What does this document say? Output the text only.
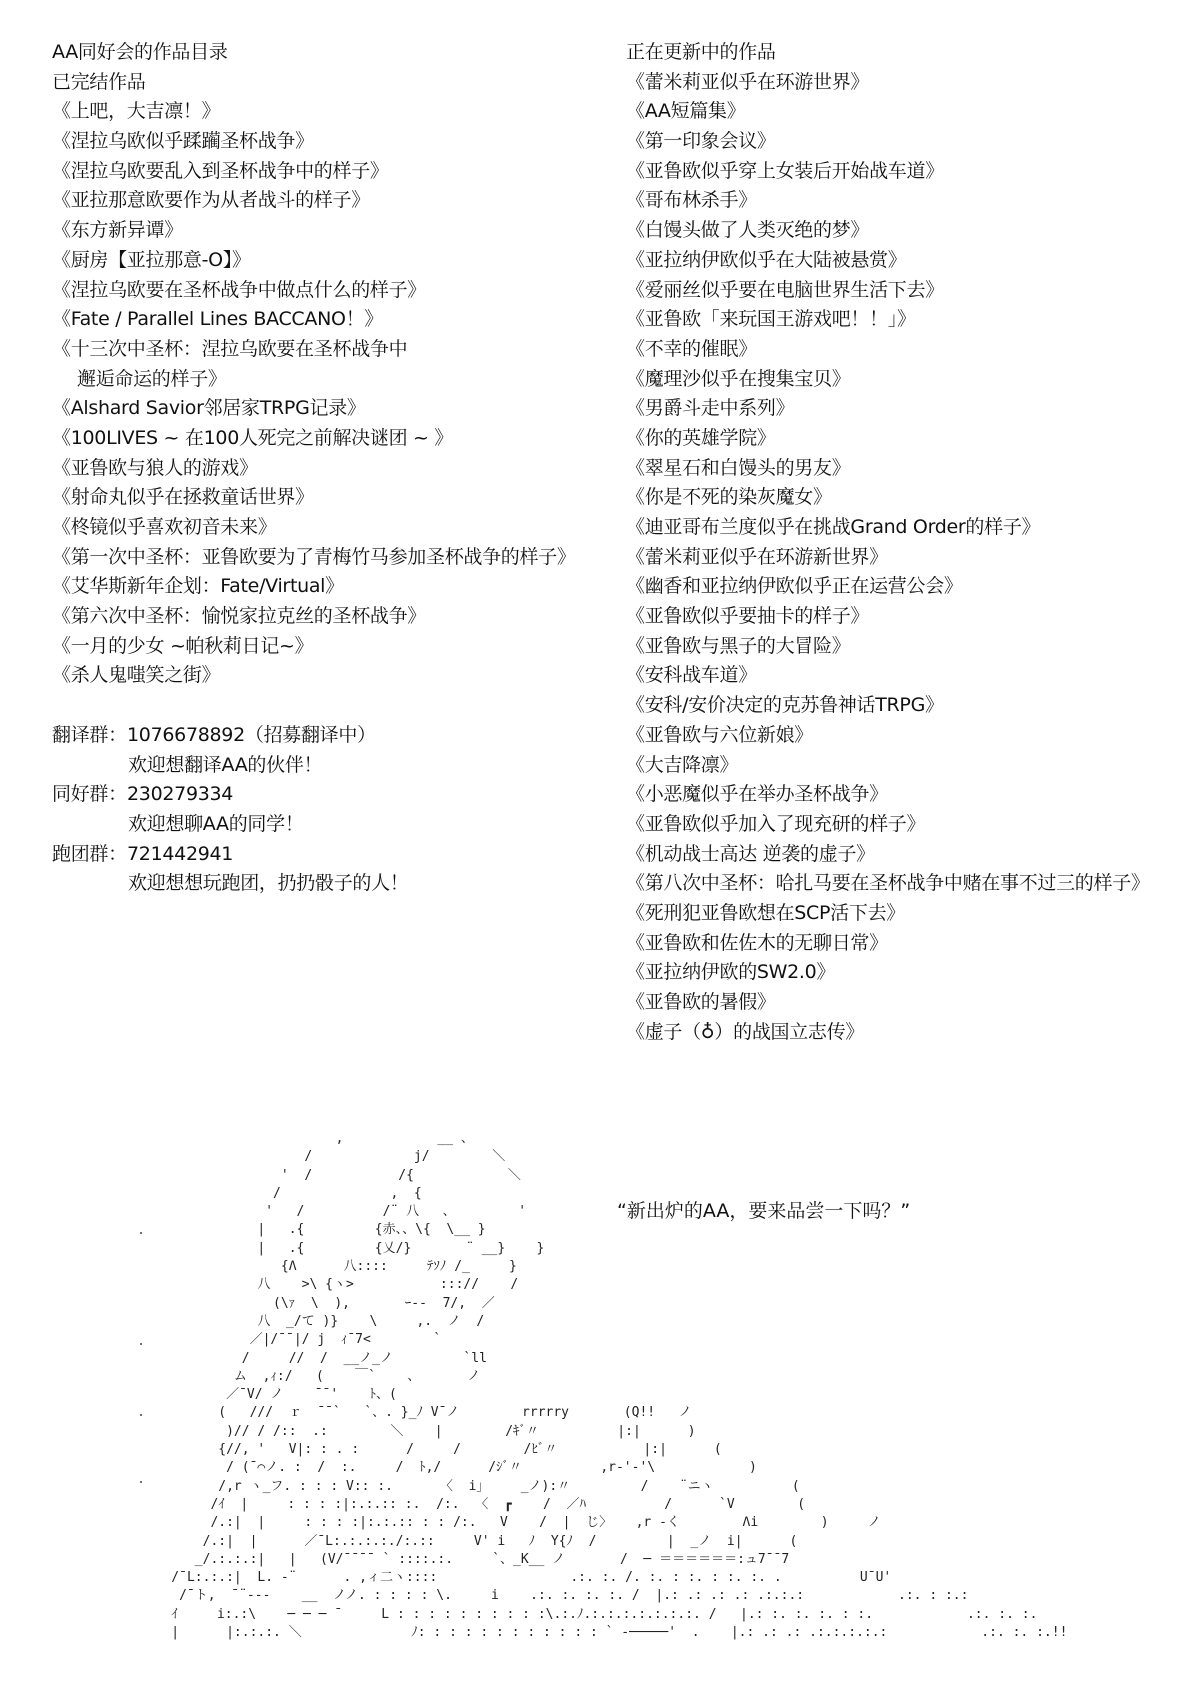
AA同好会的作品目录
已完结作品
《上吧，大吉凛！》
《涅拉乌欧似乎蹂躏圣杯战争》
《涅拉乌欧要乱入到圣杯战争中的样子》
《亚拉那意欧要作为从者战斗的样子》
《东方新异谭》
《厨房【亚拉那意-O】》
《涅拉乌欧要在圣杯战争中做点什么的样子》
《Fate / Parallel Lines BACCANO！》
《十三次中圣杯：涅拉乌欧要在圣杯战争中
邂逅命运的样子》
《Alshard Savior邻居家TRPG记录》
《100LIVES ~ 在100人死完之前解决谜团 ~ 》
《亚鲁欧与狼人的游戏》
《射命丸似乎在拯救童话世界》
《柊镜似乎喜欢初音未来》
《第一次中圣杯：亚鲁欧要为了青梅竹马参加圣杯战争的样子》
《艾华斯新年企划：Fate/Virtual》
《第六次中圣杯：愉悦家拉克丝的圣杯战争》
《一月的少女 ~帕秋莉日记~》
《杀人鬼嗤笑之街》
翻译群： 1076678892（招募翻译中）
欢迎想翻译AA的伙伴！
同好群： 230279334
欢迎想聊AA的同学！
跑团群： 721442941
欢迎想想玩跑团，扔扔骰子的人！
正在更新中的作品
《蕾米莉亚似乎在环游世界》
《AA短篇集》
《第一印象会议》
《亚鲁欧似乎穿上女装后开始战车道》
《哥布林杀手》
《白馒头做了人类灭绝的梦》
《亚拉纳伊欧似乎在大陆被悬赏》
《爱丽丝似乎要在电脑世界生活下去》
《亚鲁欧「来玩国王游戏吧！！」》
《不幸的催眠》
《魔理沙似乎在搜集宝贝》
《男爵斗走中系列》
《你的英雄学院》
《翠星石和白馒头的男友》
《你是不死的染灰魔女》
《迪亚哥布兰度似乎在挑战Grand Order的样子》
《蕾米莉亚似乎在环游新世界》
《幽香和亚拉纳伊欧似乎正在运营公会》
《亚鲁欧似乎要抽卡的样子》
《亚鲁欧与黑子的大冒险》
《安科战车道》
《安科/安价决定的克苏鲁神话TRPG》
《亚鲁欧与六位新娘》
《大吉降凛》
《小恶魔似乎在举办圣杯战争》
《亚鲁欧似乎加入了现充研的样子》
《机动战士高达 逆袭的虚子》
《第八次中圣杯：哈扎马要在圣杯战争中赌在事不过三的样子》
《死刑犯亚鲁欧想在SCP活下去》
《亚鲁欧和佐佐木的无聊日常》
《亚拉纳伊欧的SW2.0》
《亚鲁欧的暑假》
《虚子（♁）的战国立志传》
,            __ 、
/             j/        ＼
'  /           /{            ＼
/              ,  {
'   /          /¨ 八   、        '
|   .{         {赤、、\{  \__ }
|   .{         {乂/}       ¨ __}    }
{Λ      八::::     ﾃｿﾉ /_     }
八    >\ {ヽ>           ::://    /
(\ｧ  \  ),       ｰ--  7/,  ／
八  _/て )}    \     ,.  ノ  /
／|/¯¯|/ j  ｨ¯7<        `
/     //  /  __ノ_ノ         `ll
ム  ,ｨ:/   (    ￣`    、      ノ
／¯V/ ノ    ¯¯'    ﾄ、(
(   ///  ｒ  ¯¯`   `、. }_ﾉ V¯ノ        rrrrry       (Q!!   ノ
)// / /::  .:        ＼    |        /ｷﾞ〃          |:|      )
{//, '   V|: : . :      /     /        /ﾋﾞ〃           |:|      (
/ (¯⌒ノ. :  /  :.     /  ﾄ,/      /ｼﾞ〃          ,r‐'‐'\            )
/,r ヽ_フ. : : : V:: :.      〈  i」    _ノ):〃         /    ¨ニヽ          (
/ｲ  |     : : : :|:.:.:: :.  /:.  〈  ┏    /  ／ﾊ          /      `V        (
/.:|  |     : : : :|:.:.:: : : /:.   V    /  |  じ〉   ,r ‐く        Λi        )     ノ
/.:|  |      ／¯L:.:.:.:./:.::     V' i   ﾉ  Y{ﾉ  /         |  _ノ  i|      (
_/.:.:.:|   |   (V/¯¯¯¯ ` ::::.:.     `、_K__ ノ       /  ─ ＝＝＝＝＝＝:ュ7¯¯7
/¯L:.:.:|  L. ‐¨      . ,ィ二ヽ::::                 .:. :. /. :. : :. : :. :. .          U¯U'
/¯ト,  ¯¨‐--    __  ノノ. : : : : \.     i    .:. :. :. :. /  |.: .: .: .: .:.:.:            .:. : :.:
ｲ     i:.:\    ─ ─ ─ ¯     L : : : : : : : : : :\.:.ﾉ.:.:.:.:.:.:.:. /   |.: :. :. :. : :.            .:. :. :.
|      |:.:.:. ＼              ﾉ: : : : : : : : : : : : ` ‐─────'  .    |.: .: .: .:.:.:.:.:            .:. :. :.!!
“新出炉的AA，要来品尝一下吗？”
